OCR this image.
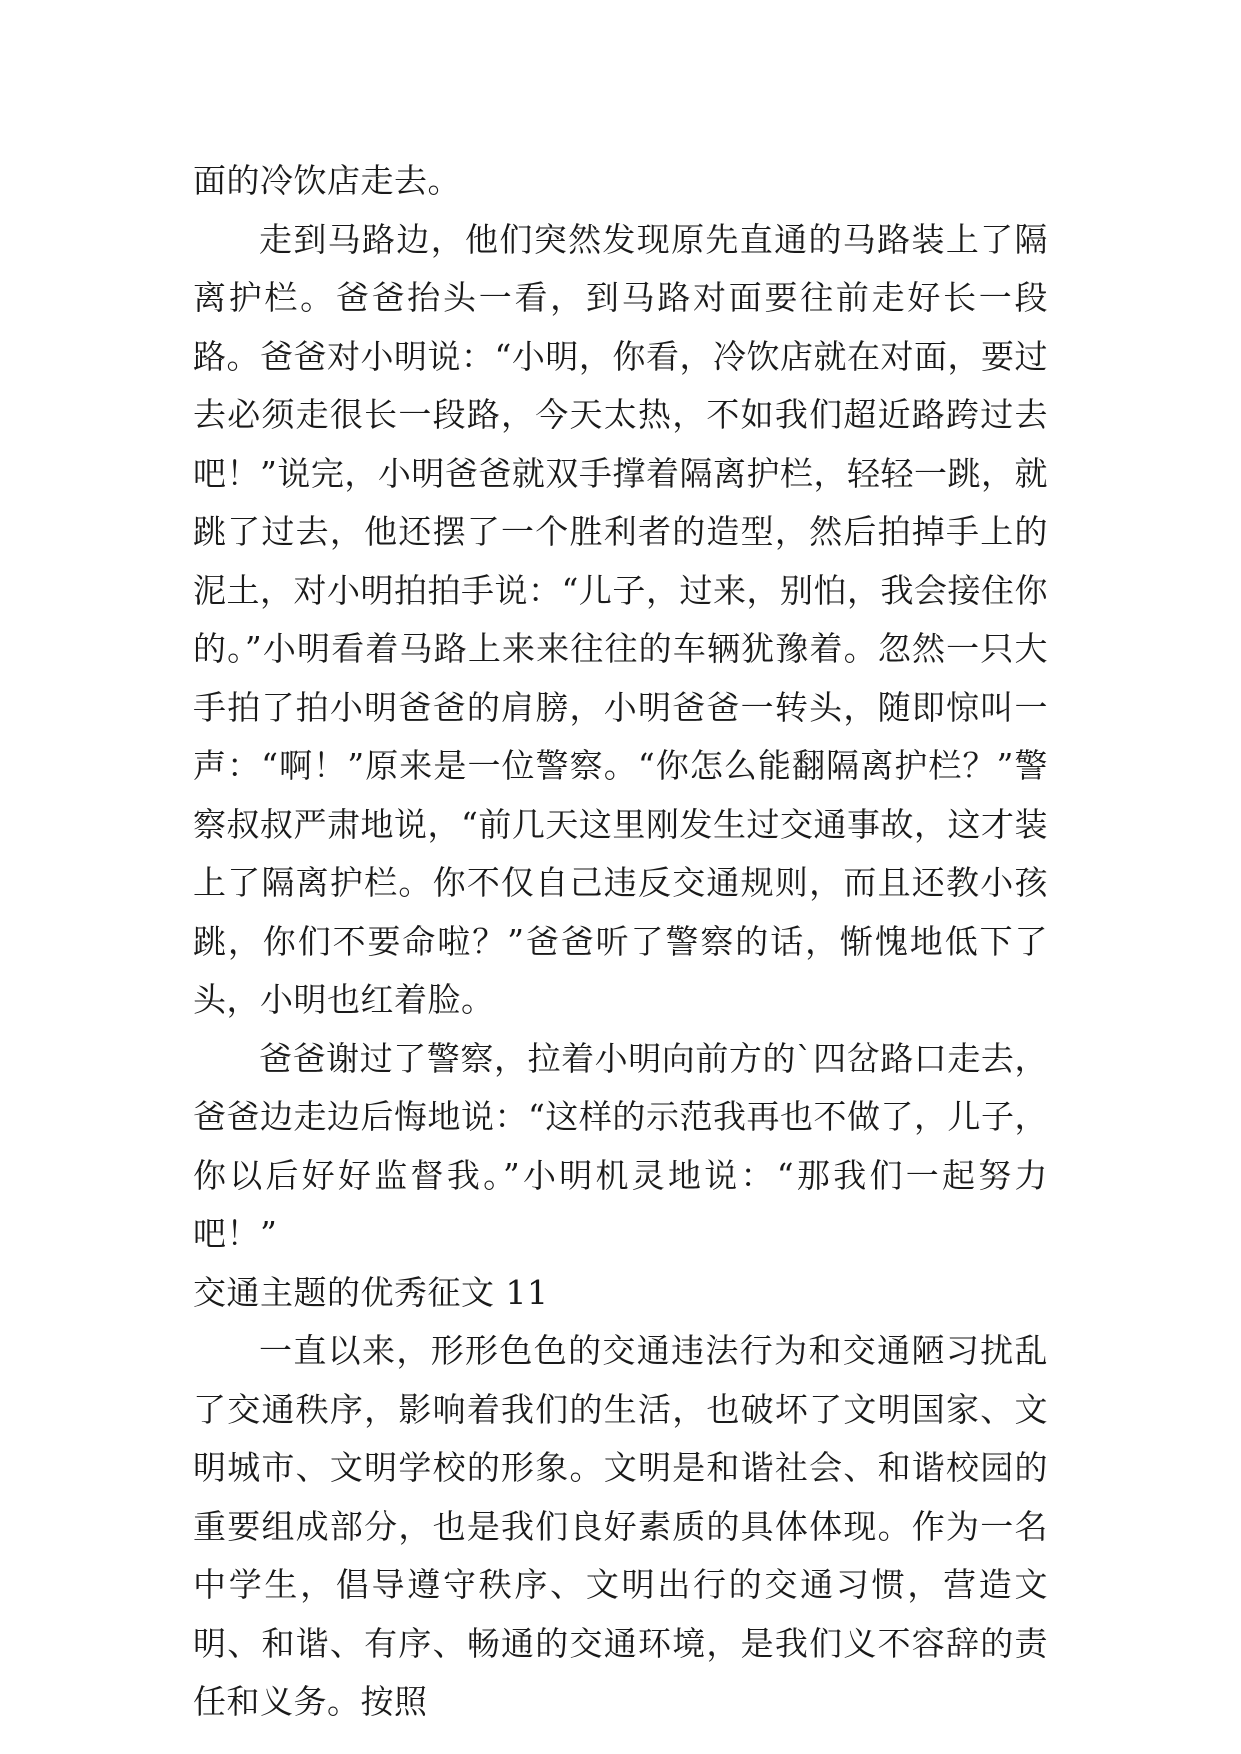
面的冷饮店走去。

走到马路边，他们突然发现原先直通的马路装上了隔离护栏。爸爸抬头一看，到马路对面要往前走好长一段路。爸爸对小明说：“小明，你看，冷饮店就在对面，要过去必须走很长一段路，今天太热，不如我们超近路跨过去吧！”说完，小明爸爸就双手撑着隔离护栏，轻轻一跳，就跳了过去，他还摆了一个胜利者的造型，然后拍掉手上的泥土，对小明拍拍手说：“儿子，过来，别怕，我会接住你的。”小明看着马路上来来往往的车辆犹豫着。忽然一只大手拍了拍小明爸爸的肩膀，小明爸爸一转头，随即惊叫一声：“啊！”原来是一位警察。“你怎么能翻隔离护栏？”警察叔叔严肃地说，“前几天这里刚发生过交通事故，这才装上了隔离护栏。你不仅自己违反交通规则，而且还教小孩跳，你们不要命啦？”爸爸听了警察的话，惭愧地低下了头，小明也红着脸。

爸爸谢过了警察，拉着小明向前方的`四岔路口走去，爸爸边走边后悔地说：“这样的示范我再也不做了，儿子，你以后好好监督我。”小明机灵地说：“那我们一起努力吧！”

交通主题的优秀征文 11

一直以来，形形色色的交通违法行为和交通陋习扰乱了交通秩序，影响着我们的生活，也破坏了文明国家、文明城市、文明学校的形象。文明是和谐社会、和谐校园的重要组成部分，也是我们良好素质的具体体现。作为一名中学生，倡导遵守秩序、文明出行的交通习惯，营造文明、和谐、有序、畅通的交通环境，是我们义不容辞的责任和义务。按照
